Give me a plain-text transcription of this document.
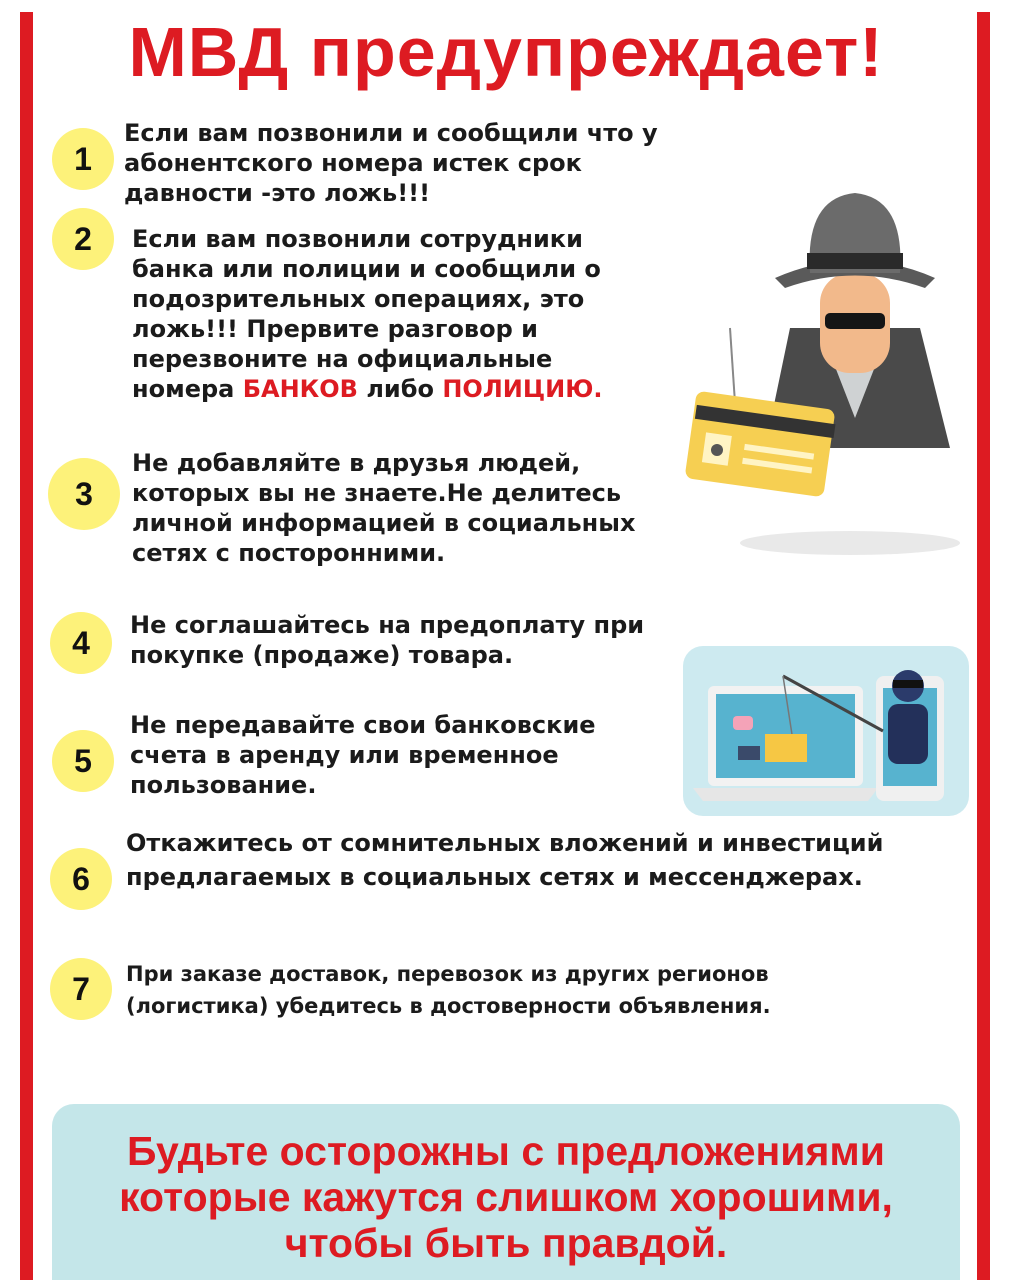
МВД предупреждает!
1
Если вам позвонили и сообщили что у абонентского номера истек срок давности -это ложь!!!
2	Если вам позвонили сотрудники банка или полиции и сообщили о подозрительных операциях, это ложь!!! Прервите разговор и перезвоните на официальные номера БАНКОВ либо ПОЛИЦИЮ.
3
Не добавляйте в друзья людей, которых вы не знаете.Не делитесь личной информацией в социальных сетях с посторонними.
4	Не соглашайтесь на предоплату при покупке (продаже) товара.
5
Не передавайте свои банковские счета в аренду или временное пользование.
6
Откажитесь от сомнительных вложений и инвестиций предлагаемых в социальных сетях и мессенджерах.
7	При заказе доставок, перевозок из других регионов (логистика) убедитесь в достоверности объявления.
Будьте осторожны с предложениями
которые кажутся слишком хорошими,
чтобы быть правдой.
